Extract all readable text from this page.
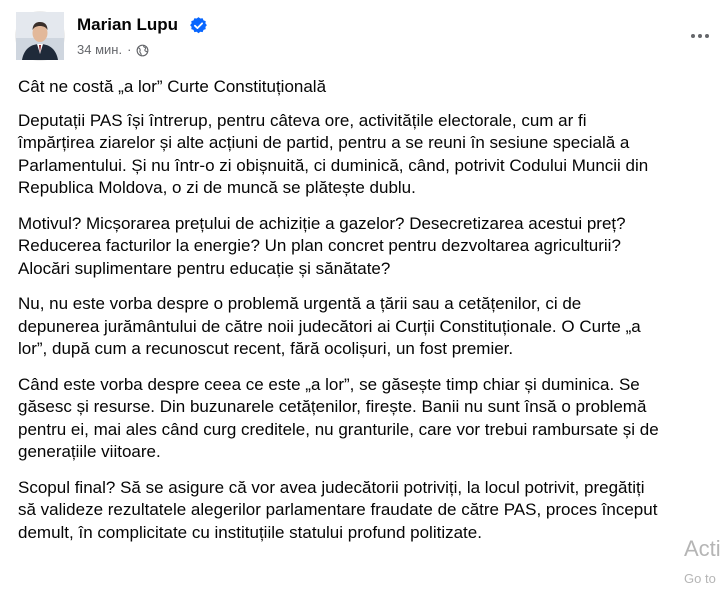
Marian Lupu
34 мин. ·

Cât ne costă „a lor” Curte Constituțională

Deputații PAS își întrerup, pentru câteva ore, activitățile electorale, cum ar fi
împărțirea ziarelor și alte acțiuni de partid, pentru a se reuni în sesiune specială a
Parlamentului. Și nu într-o zi obișnuită, ci duminică, când, potrivit Codului Muncii din
Republica Moldova, o zi de muncă se plătește dublu.

Motivul? Micșorarea prețului de achiziție a gazelor? Desecretizarea acestui preț?
Reducerea facturilor la energie? Un plan concret pentru dezvoltarea agriculturii?
Alocări suplimentare pentru educație și sănătate?

Nu, nu este vorba despre o problemă urgentă a țării sau a cetățenilor, ci de
depunerea jurământului de către noii judecători ai Curții Constituționale. O Curte „a
lor”, după cum a recunoscut recent, fără ocolișuri, un fost premier.

Când este vorba despre ceea ce este „a lor”, se găsește timp chiar și duminica. Se
găsesc și resurse. Din buzunarele cetățenilor, firește. Banii nu sunt însă o problemă
pentru ei, mai ales când curg creditele, nu granturile, care vor trebui rambursate și de
generațiile viitoare.

Scopul final? Să se asigure că vor avea judecătorii potriviți, la locul potrivit, pregătiți
să valideze rezultatele alegerilor parlamentare fraudate de către PAS, proces început
demult, în complicitate cu instituțiile statului profund politizate.

Acti
Go to
